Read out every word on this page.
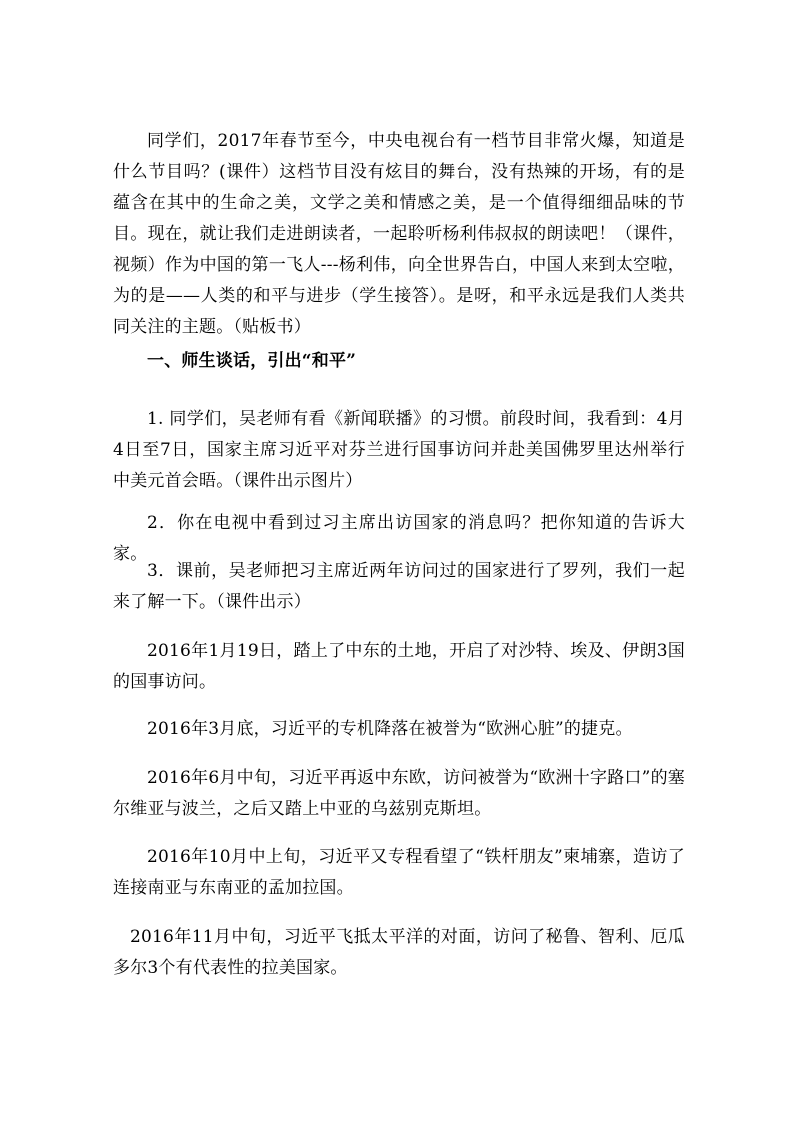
同学们，2017年春节至今，中央电视台有一档节目非常火爆，知道是什么节目吗？(课件）这档节目没有炫目的舞台，没有热辣的开场，有的是蕴含在其中的生命之美，文学之美和情感之美，是一个值得细细品味的节目。现在，就让我们走进朗读者，一起聆听杨利伟叔叔的朗读吧！（课件，视频）作为中国的第一飞人---杨利伟，向全世界告白，中国人来到太空啦，为的是——人类的和平与进步（学生接答）。是呀，和平永远是我们人类共同关注的主题。（贴板书）

一、师生谈话，引出“和平”

1. 同学们，吴老师有看《新闻联播》的习惯。前段时间，我看到：4月4日至7日，国家主席习近平对芬兰进行国事访问并赴美国佛罗里达州举行中美元首会晤。（课件出示图片）

2．你在电视中看到过习主席出访国家的消息吗？把你知道的告诉大家。

3．课前，吴老师把习主席近两年访问过的国家进行了罗列，我们一起来了解一下。（课件出示）

2016年1月19日，踏上了中东的土地，开启了对沙特、埃及、伊朗3国的国事访问。

2016年3月底，习近平的专机降落在被誉为“欧洲心脏”的捷克。

2016年6月中旬，习近平再返中东欧，访问被誉为“欧洲十字路口”的塞尔维亚与波兰，之后又踏上中亚的乌兹别克斯坦。

2016年10月中上旬，习近平又专程看望了“铁杆朋友”柬埔寨，造访了连接南亚与东南亚的孟加拉国。

2016年11月中旬，习近平飞抵太平洋的对面，访问了秘鲁、智利、厄瓜多尔3个有代表性的拉美国家。
